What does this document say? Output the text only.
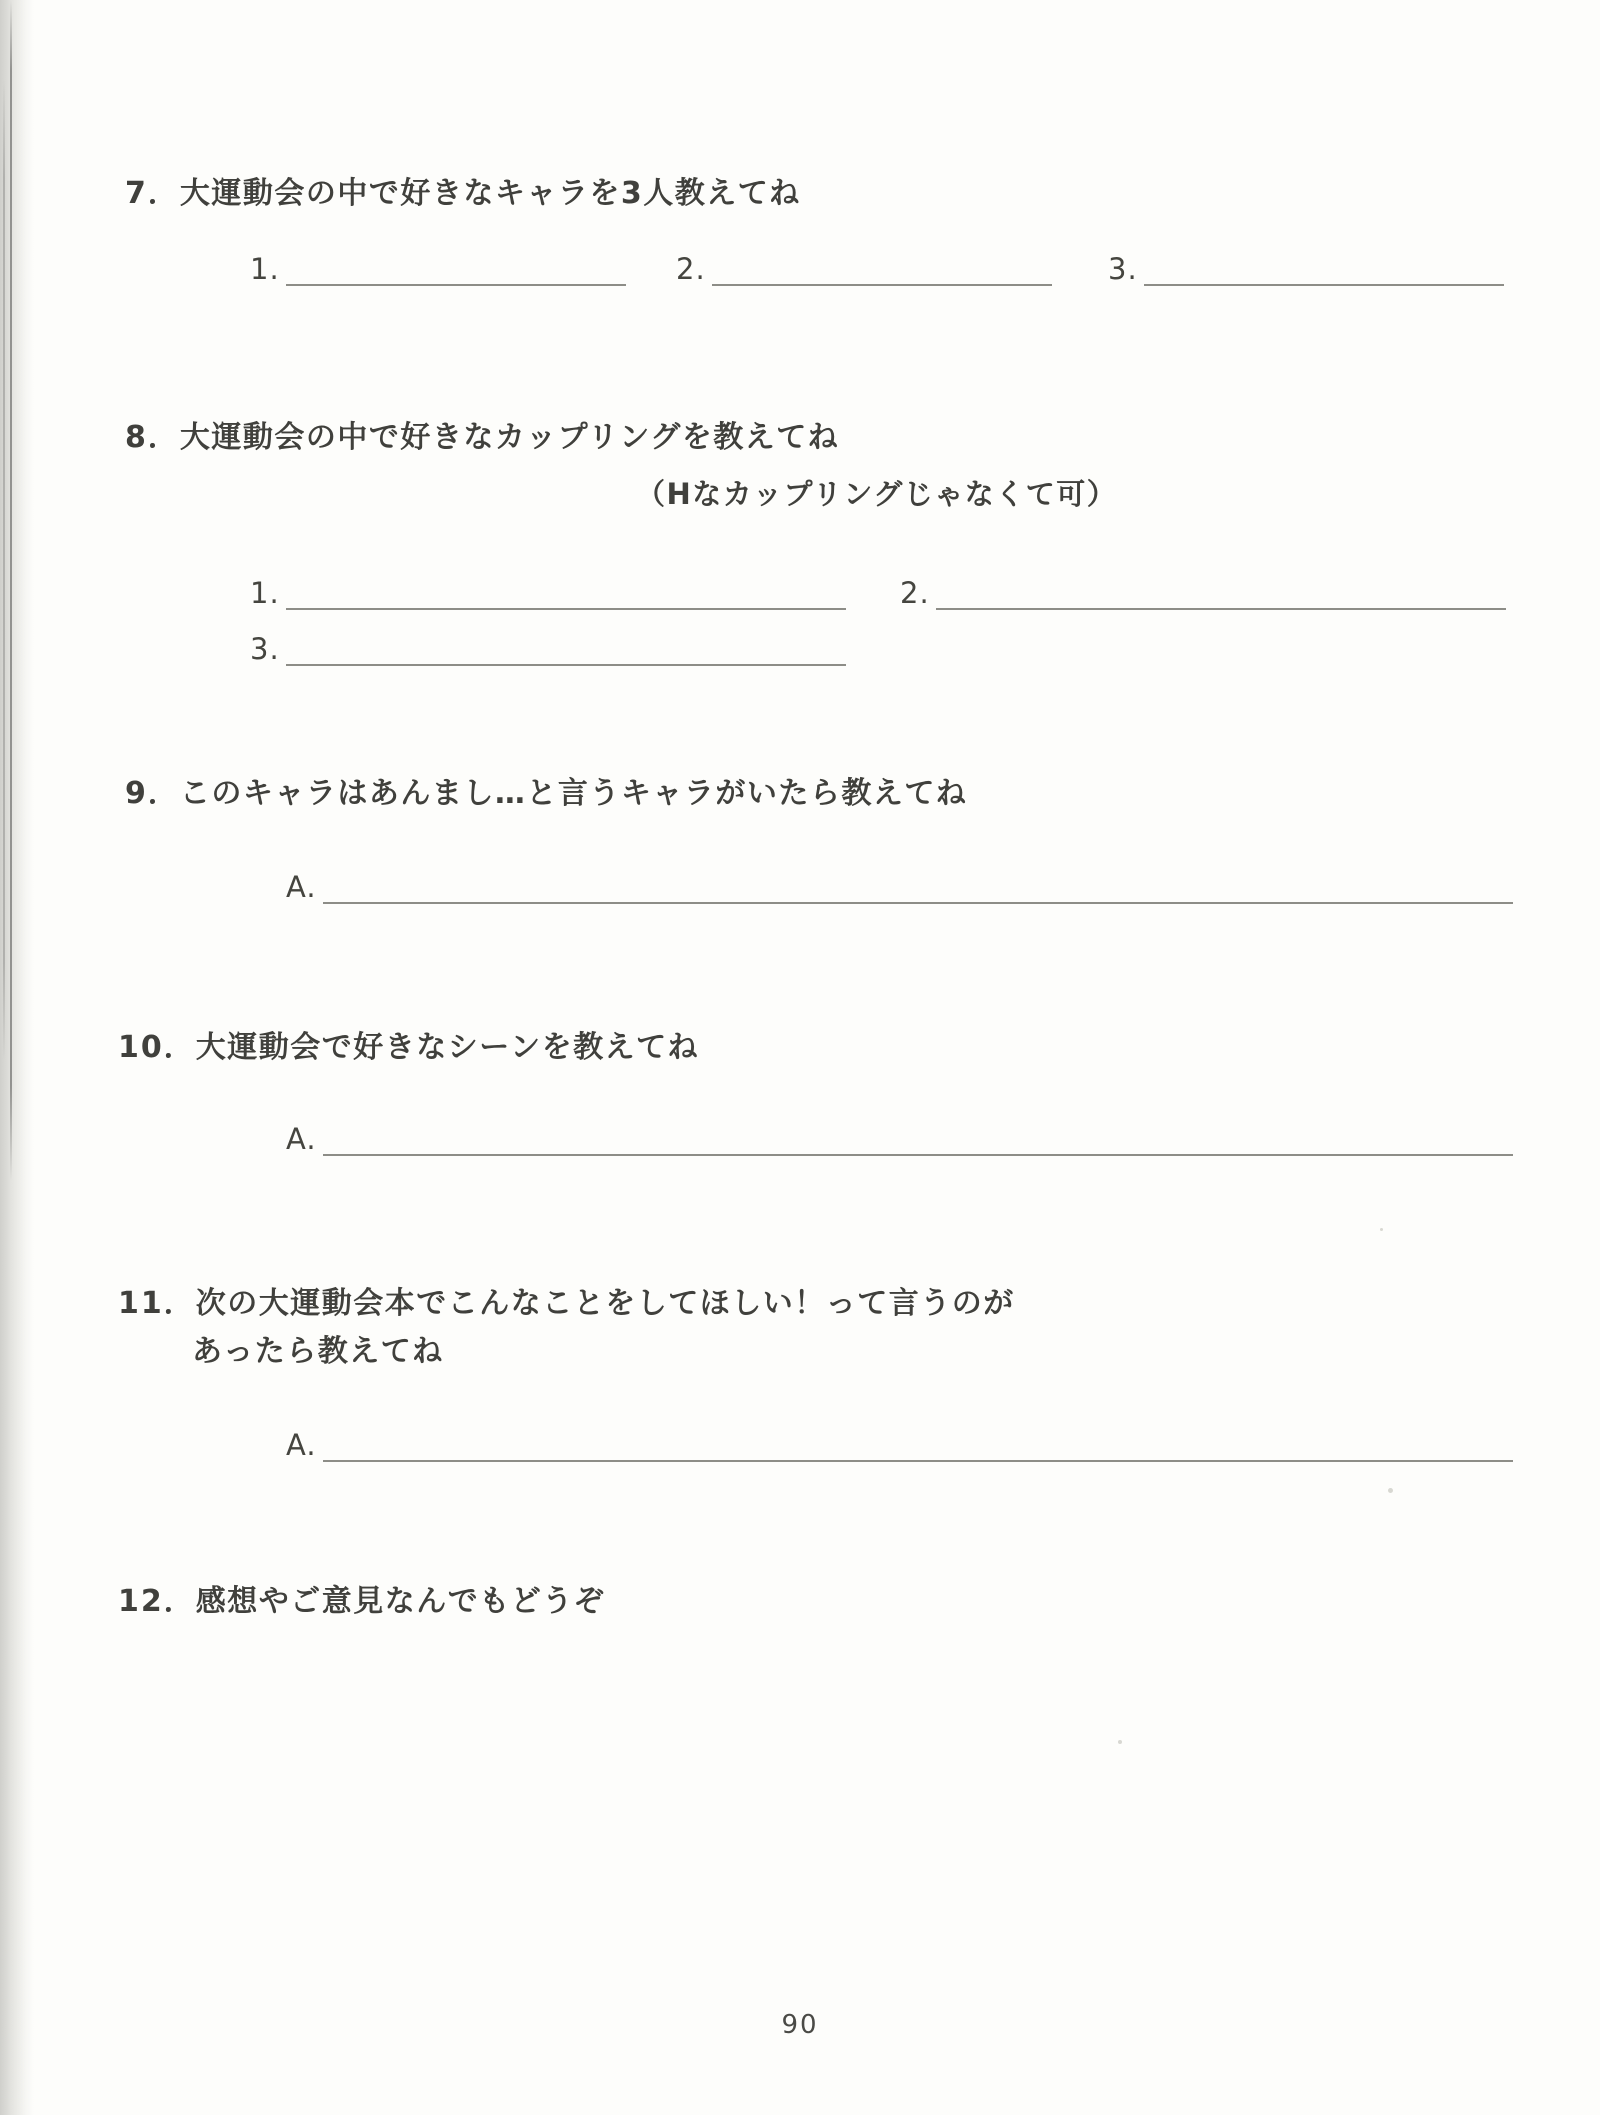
7．大運動会の中で好きなキャラを3人教えてね
1.	2.	3.
8．大運動会の中で好きなカップリングを教えてね
（Hなカップリングじゃなくて可）
1.	2.
3.
9．このキャラはあんまし…と言うキャラがいたら教えてね
A.
10．大運動会で好きなシーンを教えてね
A.
11．次の大運動会本でこんなことをしてほしい！って言うのが
あったら教えてね
A.
12．感想やご意見なんでもどうぞ
90
